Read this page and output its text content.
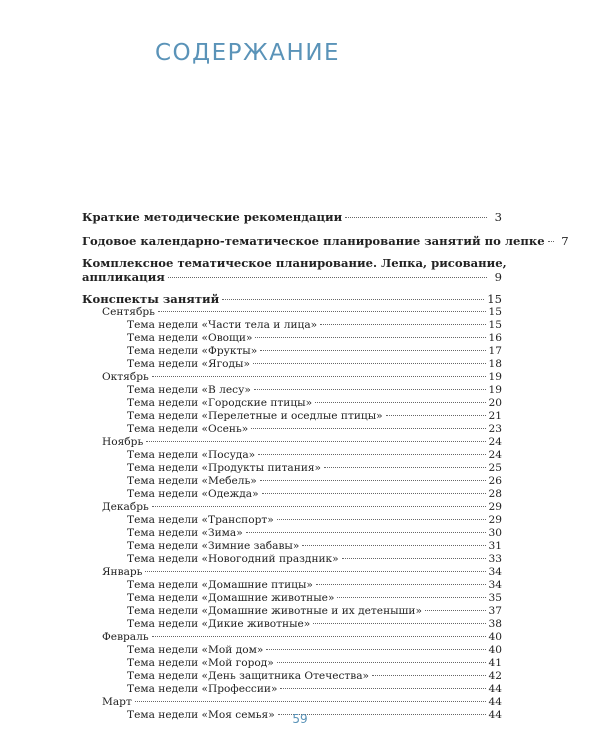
СОДЕРЖАНИЕ
Краткие методические рекомендации	3
Годовое календарно-тематическое планирование занятий по лепке	7
Комплексное тематическое планирование. Лепка, рисование,
аппликация	9
Конспекты занятий	15
Сентябрь	15
Тема недели «Части тела и лица»	15
Тема недели «Овощи»	16
Тема недели «Фрукты»	17
Тема недели «Ягоды»	18
Октябрь	19
Тема недели «В лесу»	19
Тема недели «Городские птицы»	20
Тема недели «Перелетные и оседлые птицы»	21
Тема недели «Осень»	23
Ноябрь	24
Тема недели «Посуда»	24
Тема недели «Продукты питания»	25
Тема недели «Мебель»	26
Тема недели «Одежда»	28
Декабрь	29
Тема недели «Транспорт»	29
Тема недели «Зима»	30
Тема недели «Зимние забавы»	31
Тема недели «Новогодний праздник»	33
Январь	34
Тема недели «Домашние птицы»	34
Тема недели «Домашние животные»	35
Тема недели «Домашние животные и их детеныши»	37
Тема недели «Дикие животные»	38
Февраль	40
Тема недели «Мой дом»	40
Тема недели «Мой город»	41
Тема недели «День защитника Отечества»	42
Тема недели «Профессии»	44
Март	44
Тема недели «Моя семья»	44
59
